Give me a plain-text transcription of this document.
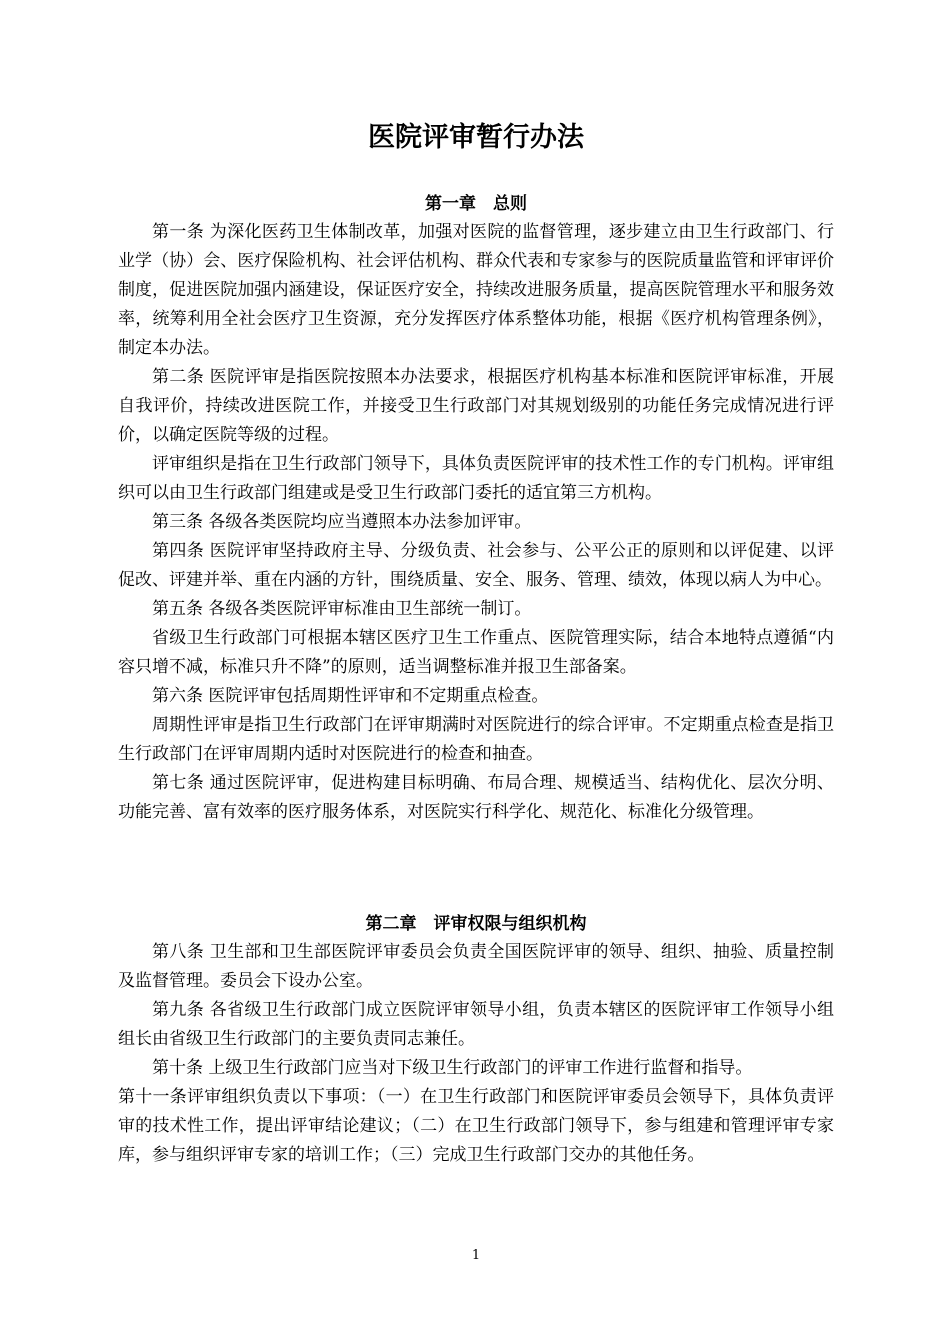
医院评审暂行办法
第一章　总则

第一条 为深化医药卫生体制改革，加强对医院的监督管理，逐步建立由卫生行政部门、行业学（协）会、医疗保险机构、社会评估机构、群众代表和专家参与的医院质量监管和评审评价制度，促进医院加强内涵建设，保证医疗安全，持续改进服务质量，提高医院管理水平和服务效率，统筹利用全社会医疗卫生资源，充分发挥医疗体系整体功能，根据《医疗机构管理条例》，制定本办法。

第二条 医院评审是指医院按照本办法要求，根据医疗机构基本标准和医院评审标准，开展自我评价，持续改进医院工作，并接受卫生行政部门对其规划级别的功能任务完成情况进行评价，以确定医院等级的过程。

评审组织是指在卫生行政部门领导下，具体负责医院评审的技术性工作的专门机构。评审组织可以由卫生行政部门组建或是受卫生行政部门委托的适宜第三方机构。

第三条 各级各类医院均应当遵照本办法参加评审。

第四条 医院评审坚持政府主导、分级负责、社会参与、公平公正的原则和以评促建、以评促改、评建并举、重在内涵的方针，围绕质量、安全、服务、管理、绩效，体现以病人为中心。

第五条 各级各类医院评审标准由卫生部统一制订。

省级卫生行政部门可根据本辖区医疗卫生工作重点、医院管理实际，结合本地特点遵循“内容只增不减，标准只升不降”的原则，适当调整标准并报卫生部备案。

第六条 医院评审包括周期性评审和不定期重点检查。

周期性评审是指卫生行政部门在评审期满时对医院进行的综合评审。不定期重点检查是指卫生行政部门在评审周期内适时对医院进行的检查和抽查。

第七条 通过医院评审，促进构建目标明确、布局合理、规模适当、结构优化、层次分明、功能完善、富有效率的医疗服务体系，对医院实行科学化、规范化、标准化分级管理。

第二章　评审权限与组织机构

第八条 卫生部和卫生部医院评审委员会负责全国医院评审的领导、组织、抽验、质量控制及监督管理。委员会下设办公室。

第九条 各省级卫生行政部门成立医院评审领导小组，负责本辖区的医院评审工作领导小组组长由省级卫生行政部门的主要负责同志兼任。

第十条 上级卫生行政部门应当对下级卫生行政部门的评审工作进行监督和指导。

第十一条评审组织负责以下事项：（一）在卫生行政部门和医院评审委员会领导下，具体负责评审的技术性工作，提出评审结论建议；（二）在卫生行政部门领导下，参与组建和管理评审专家库，参与组织评审专家的培训工作；（三）完成卫生行政部门交办的其他任务。

1
